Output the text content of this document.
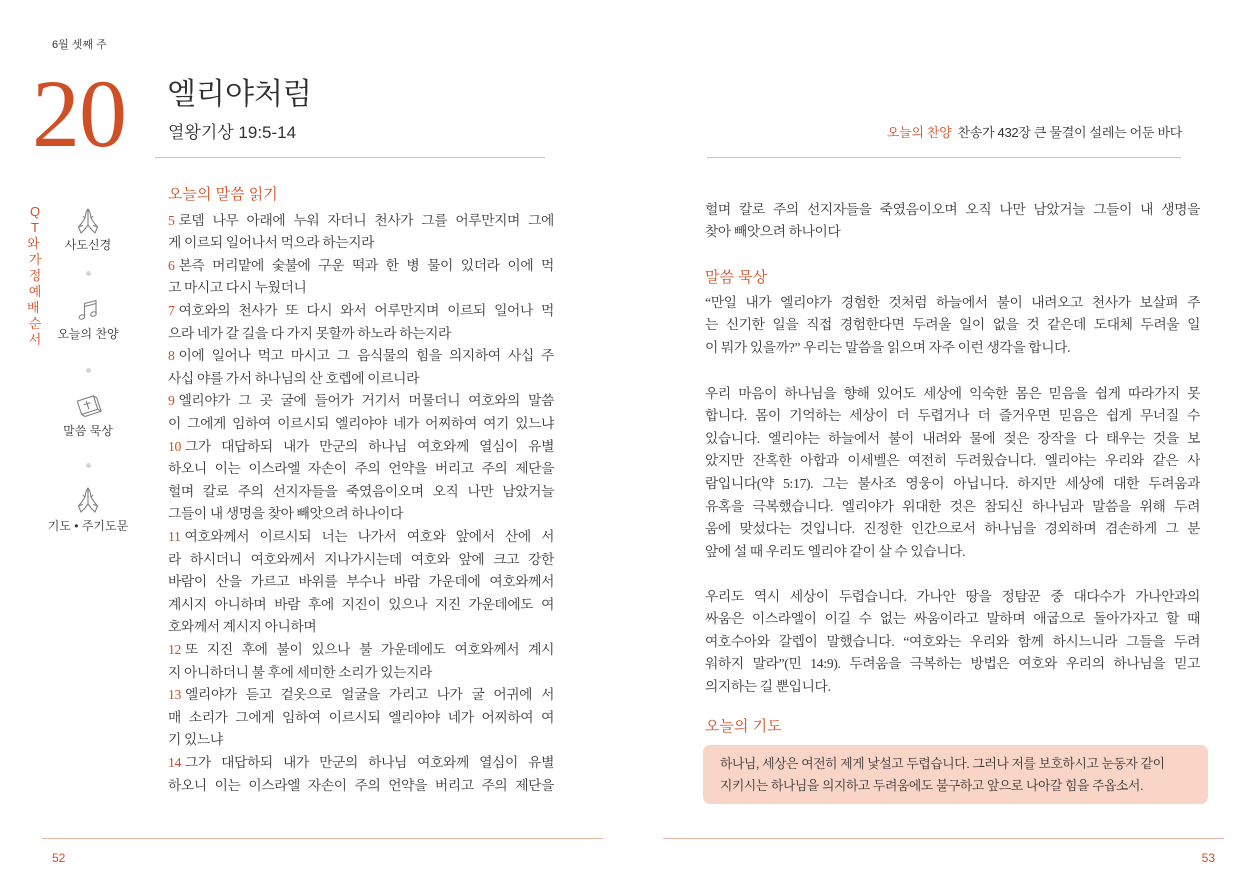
6월 셋째 주
20 엘리야처럼
열왕기상 19:5-14
QT와 가정예배 순서
사도신경
오늘의 찬양
말씀 묵상
기도 • 주기도문
오늘의 말씀 읽기
5 로뎀 나무 아래에 누워 자더니 천사가 그를 어루만지며 그에
게 이르되 일어나서 먹으라 하는지라
6 본즉 머리맡에 숯불에 구운 떡과 한 병 물이 있더라 이에 먹
고 마시고 다시 누웠더니
7 여호와의 천사가 또 다시 와서 어루만지며 이르되 일어나 먹
으라 네가 갈 길을 다 가지 못할까 하노라 하는지라
8 이에 일어나 먹고 마시고 그 음식물의 힘을 의지하여 사십 주
사십 야를 가서 하나님의 산 호렙에 이르니라
9 엘리야가 그 곳 굴에 들어가 거기서 머물더니 여호와의 말씀
이 그에게 임하여 이르시되 엘리야야 네가 어찌하여 여기 있느냐
10 그가 대답하되 내가 만군의 하나님 여호와께 열심이 유별
하오니 이는 이스라엘 자손이 주의 언약을 버리고 주의 제단을
헐며 칼로 주의 선지자들을 죽였음이오며 오직 나만 남았거늘
그들이 내 생명을 찾아 빼앗으려 하나이다
11 여호와께서 이르시되 너는 나가서 여호와 앞에서 산에 서
라 하시더니 여호와께서 지나가시는데 여호와 앞에 크고 강한
바람이 산을 가르고 바위를 부수나 바람 가운데에 여호와께서
계시지 아니하며 바람 후에 지진이 있으나 지진 가운데에도 여
호와께서 계시지 아니하며
12 또 지진 후에 불이 있으나 불 가운데에도 여호와께서 계시
지 아니하더니 불 후에 세미한 소리가 있는지라
13 엘리야가 듣고 겉옷으로 얼굴을 가리고 나가 굴 어귀에 서
매 소리가 그에게 임하여 이르시되 엘리야야 네가 어찌하여 여
기 있느냐
14 그가 대답하되 내가 만군의 하나님 여호와께 열심이 유별
하오니 이는 이스라엘 자손이 주의 언약을 버리고 주의 제단을
52
오늘의 찬양 찬송가 432장 큰 물결이 설레는 어둔 바다
헐며 칼로 주의 선지자들을 죽였음이오며 오직 나만 남았거늘 그들이 내 생명을
찾아 빼앗으려 하나이다
말씀 묵상
“만일 내가 엘리야가 경험한 것처럼 하늘에서 불이 내려오고 천사가 보살펴 주
는 신기한 일을 직접 경험한다면 두려울 일이 없을 것 같은데 도대체 두려울 일
이 뭐가 있을까?” 우리는 말씀을 읽으며 자주 이런 생각을 합니다.
우리 마음이 하나님을 향해 있어도 세상에 익숙한 몸은 믿음을 쉽게 따라가지 못
합니다. 몸이 기억하는 세상이 더 두렵거나 더 즐거우면 믿음은 쉽게 무너질 수
있습니다. 엘리야는 하늘에서 불이 내려와 물에 젖은 장작을 다 태우는 것을 보
았지만 잔혹한 아합과 이세벨은 여전히 두려웠습니다. 엘리야는 우리와 같은 사
람입니다(약 5:17). 그는 불사조 영웅이 아닙니다. 하지만 세상에 대한 두려움과
유혹을 극복했습니다. 엘리야가 위대한 것은 참되신 하나님과 말씀을 위해 두려
움에 맞섰다는 것입니다. 진정한 인간으로서 하나님을 경외하며 겸손하게 그 분
앞에 설 때 우리도 엘리야 같이 살 수 있습니다.
우리도 역시 세상이 두렵습니다. 가나안 땅을 정탐꾼 중 대다수가 가나안과의
싸움은 이스라엘이 이길 수 없는 싸움이라고 말하며 애굽으로 돌아가자고 할 때
여호수아와 갈렙이 말했습니다. “여호와는 우리와 함께 하시느니라 그들을 두려
워하지 말라”(민 14:9). 두려움을 극복하는 방법은 여호와 우리의 하나님을 믿고
의지하는 길 뿐입니다.
오늘의 기도
하나님, 세상은 여전히 제게 낯설고 두렵습니다. 그러나 저를 보호하시고 눈동자 같이
지키시는 하나님을 의지하고 두려움에도 불구하고 앞으로 나아갈 힘을 주옵소서.
53
